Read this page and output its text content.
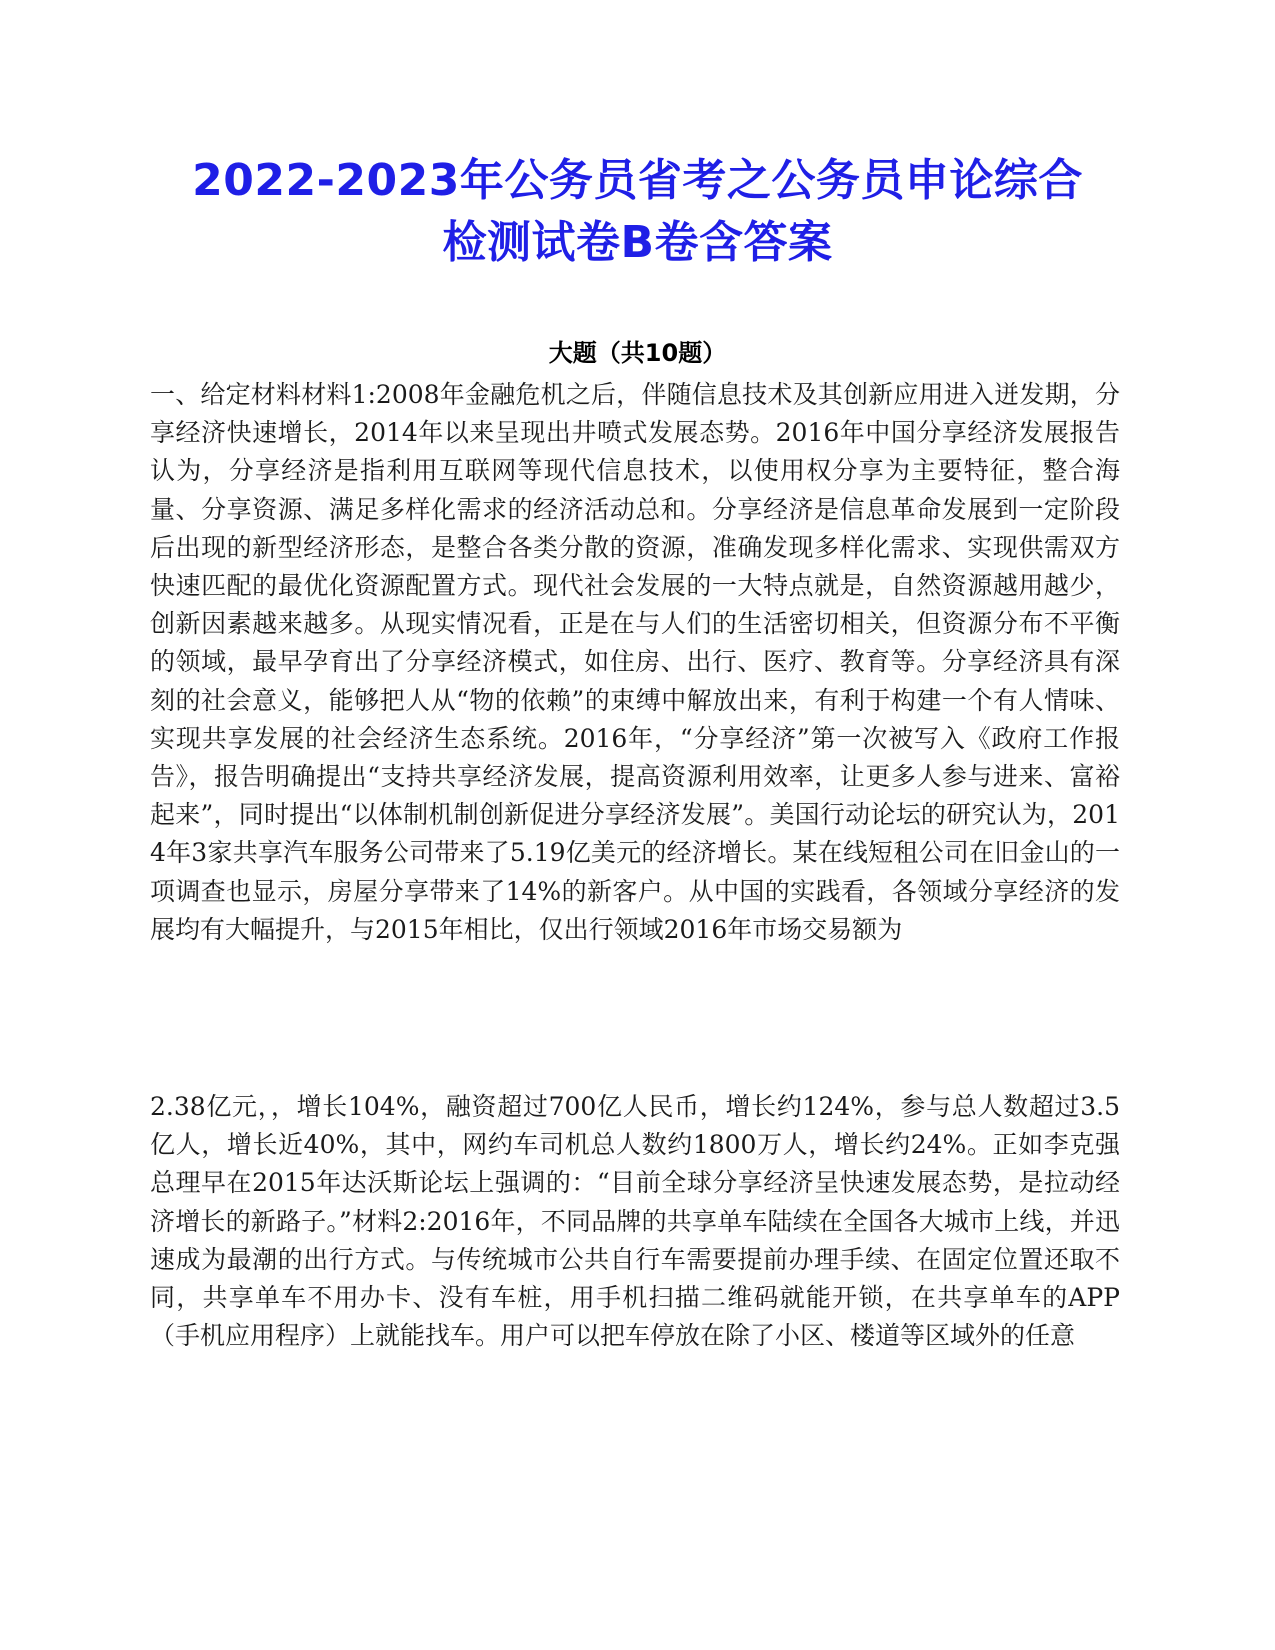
2022-2023年公务员省考之公务员申论综合
检测试卷B卷含答案
大题（共10题）

一、给定材料材料1:2008年金融危机之后，伴随信息技术及其创新应用进入迸发期，分享经济快速增长，2014年以来呈现出井喷式发展态势。2016年中国分享经济发展报告认为，分享经济是指利用互联网等现代信息技术，以使用权分享为主要特征，整合海量、分享资源、满足多样化需求的经济活动总和。分享经济是信息革命发展到一定阶段后出现的新型经济形态，是整合各类分散的资源，准确发现多样化需求、实现供需双方快速匹配的最优化资源配置方式。现代社会发展的一大特点就是，自然资源越用越少，创新因素越来越多。从现实情况看，正是在与人们的生活密切相关，但资源分布不平衡的领域，最早孕育出了分享经济模式，如住房、出行、医疗、教育等。分享经济具有深刻的社会意义，能够把人从“物的依赖”的束缚中解放出来，有利于构建一个有人情味、实现共享发展的社会经济生态系统。2016年，“分享经济”第一次被写入《政府工作报告》，报告明确提出“支持共享经济发展，提高资源利用效率，让更多人参与进来、富裕起来”，同时提出“以体制机制创新促进分享经济发展”。美国行动论坛的研究认为，2014年3家共享汽车服务公司带来了5.19亿美元的经济增长。某在线短租公司在旧金山的一项调查也显示，房屋分享带来了14%的新客户。从中国的实践看，各领域分享经济的发展均有大幅提升，与2015年相比，仅出行领域2016年市场交易额为

2.38亿元，，增长104%，融资超过700亿人民币，增长约124%，参与总人数超过3.5亿人，增长近40%，其中，网约车司机总人数约1800万人，增长约24%。正如李克强总理早在2015年达沃斯论坛上强调的：“目前全球分享经济呈快速发展态势，是拉动经济增长的新路子。”材料2:2016年，不同品牌的共享单车陆续在全国各大城市上线，并迅速成为最潮的出行方式。与传统城市公共自行车需要提前办理手续、在固定位置还取不同，共享单车不用办卡、没有车桩，用手机扫描二维码就能开锁，在共享单车的APP（手机应用程序）上就能找车。用户可以把车停放在除了小区、楼道等区域外的任意
